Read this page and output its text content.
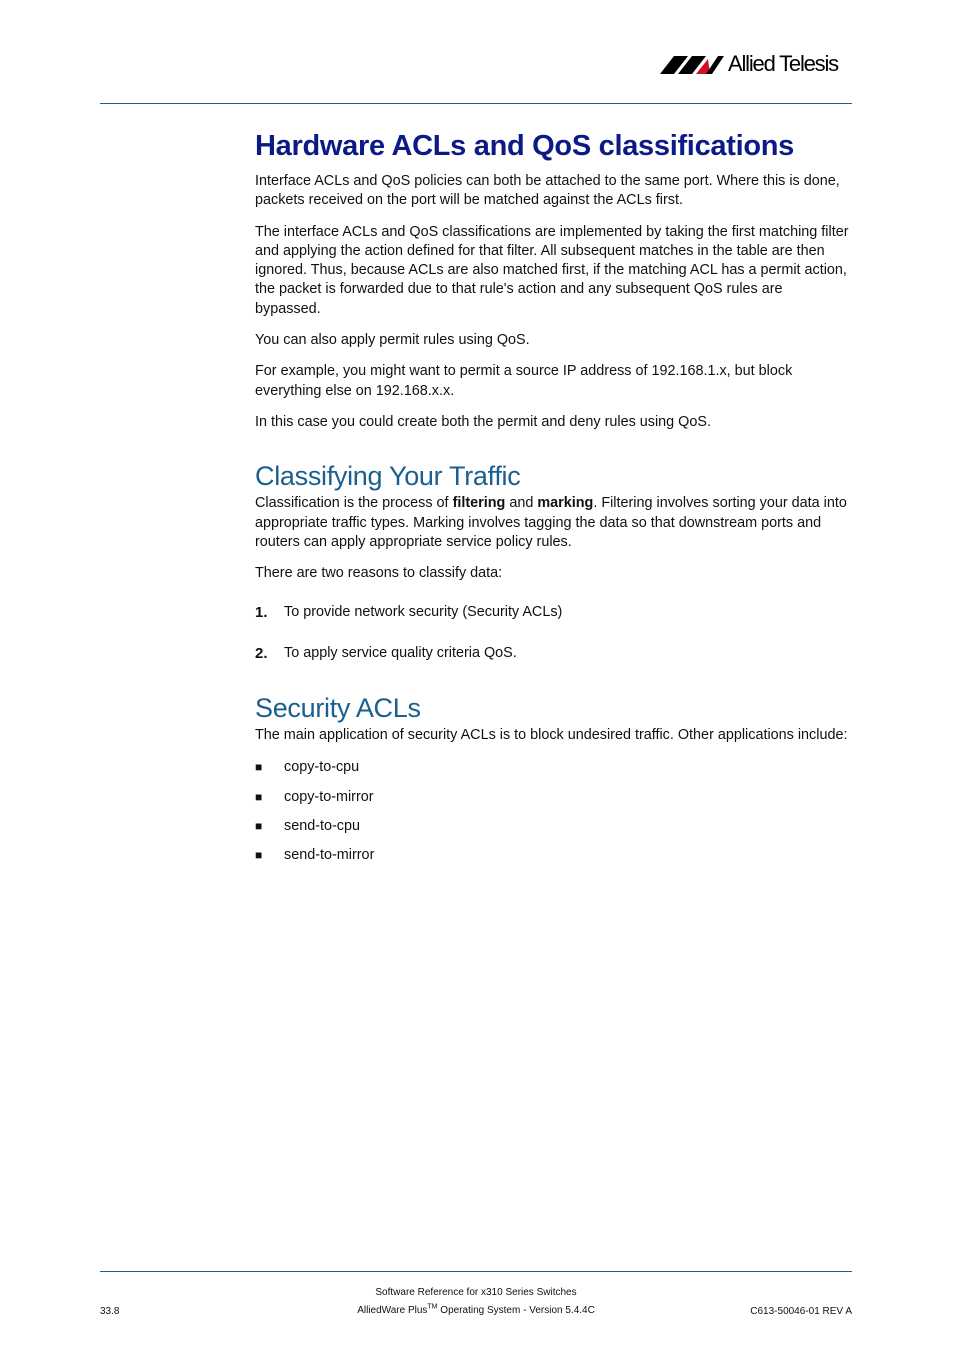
Allied Telesis
Hardware ACLs and QoS classifications

Interface ACLs and QoS policies can both be attached to the same port. Where this is done, packets received on the port will be matched against the ACLs first.

The interface ACLs and QoS classifications are implemented by taking the first matching filter and applying the action defined for that filter. All subsequent matches in the table are then ignored. Thus, because ACLs are also matched first, if the matching ACL has a permit action, the packet is forwarded due to that rule's action and any subsequent QoS rules are bypassed.

You can also apply permit rules using QoS.

For example, you might want to permit a source IP address of 192.168.1.x, but block everything else on 192.168.x.x.

In this case you could create both the permit and deny rules using QoS.

Classifying Your Traffic

Classification is the process of filtering and marking. Filtering involves sorting your data into appropriate traffic types. Marking involves tagging the data so that downstream ports and routers can apply appropriate service policy rules.

There are two reasons to classify data:

1. To provide network security (Security ACLs)
2. To apply service quality criteria QoS.
Security ACLs

The main application of security ACLs is to block undesired traffic. Other applications include:

■ copy-to-cpu
■ copy-to-mirror
■ send-to-cpu
■ send-to-mirror
Software Reference for x310 Series Switches
AlliedWare Plus™ Operating System - Version 5.4.4C
33.8	C613-50046-01 REV A
